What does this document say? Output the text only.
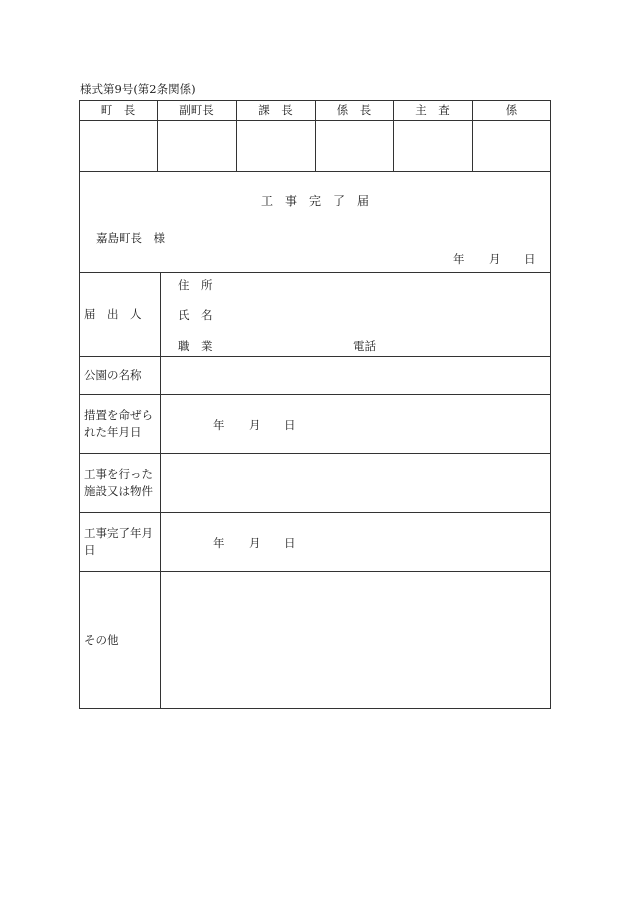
様式第9号(第2条関係)
町　長	副町長	課　長	係　長	主　査	係
工　事　完　了　届
嘉島町長　様
年 月 日
届　出　人
住　所
氏　名
職　業	電話
公園の名称
措置を命ぜら
れた年月日	年 月 日
工事を行った
施設又は物件
工事完了年月
日	年 月 日
その他
